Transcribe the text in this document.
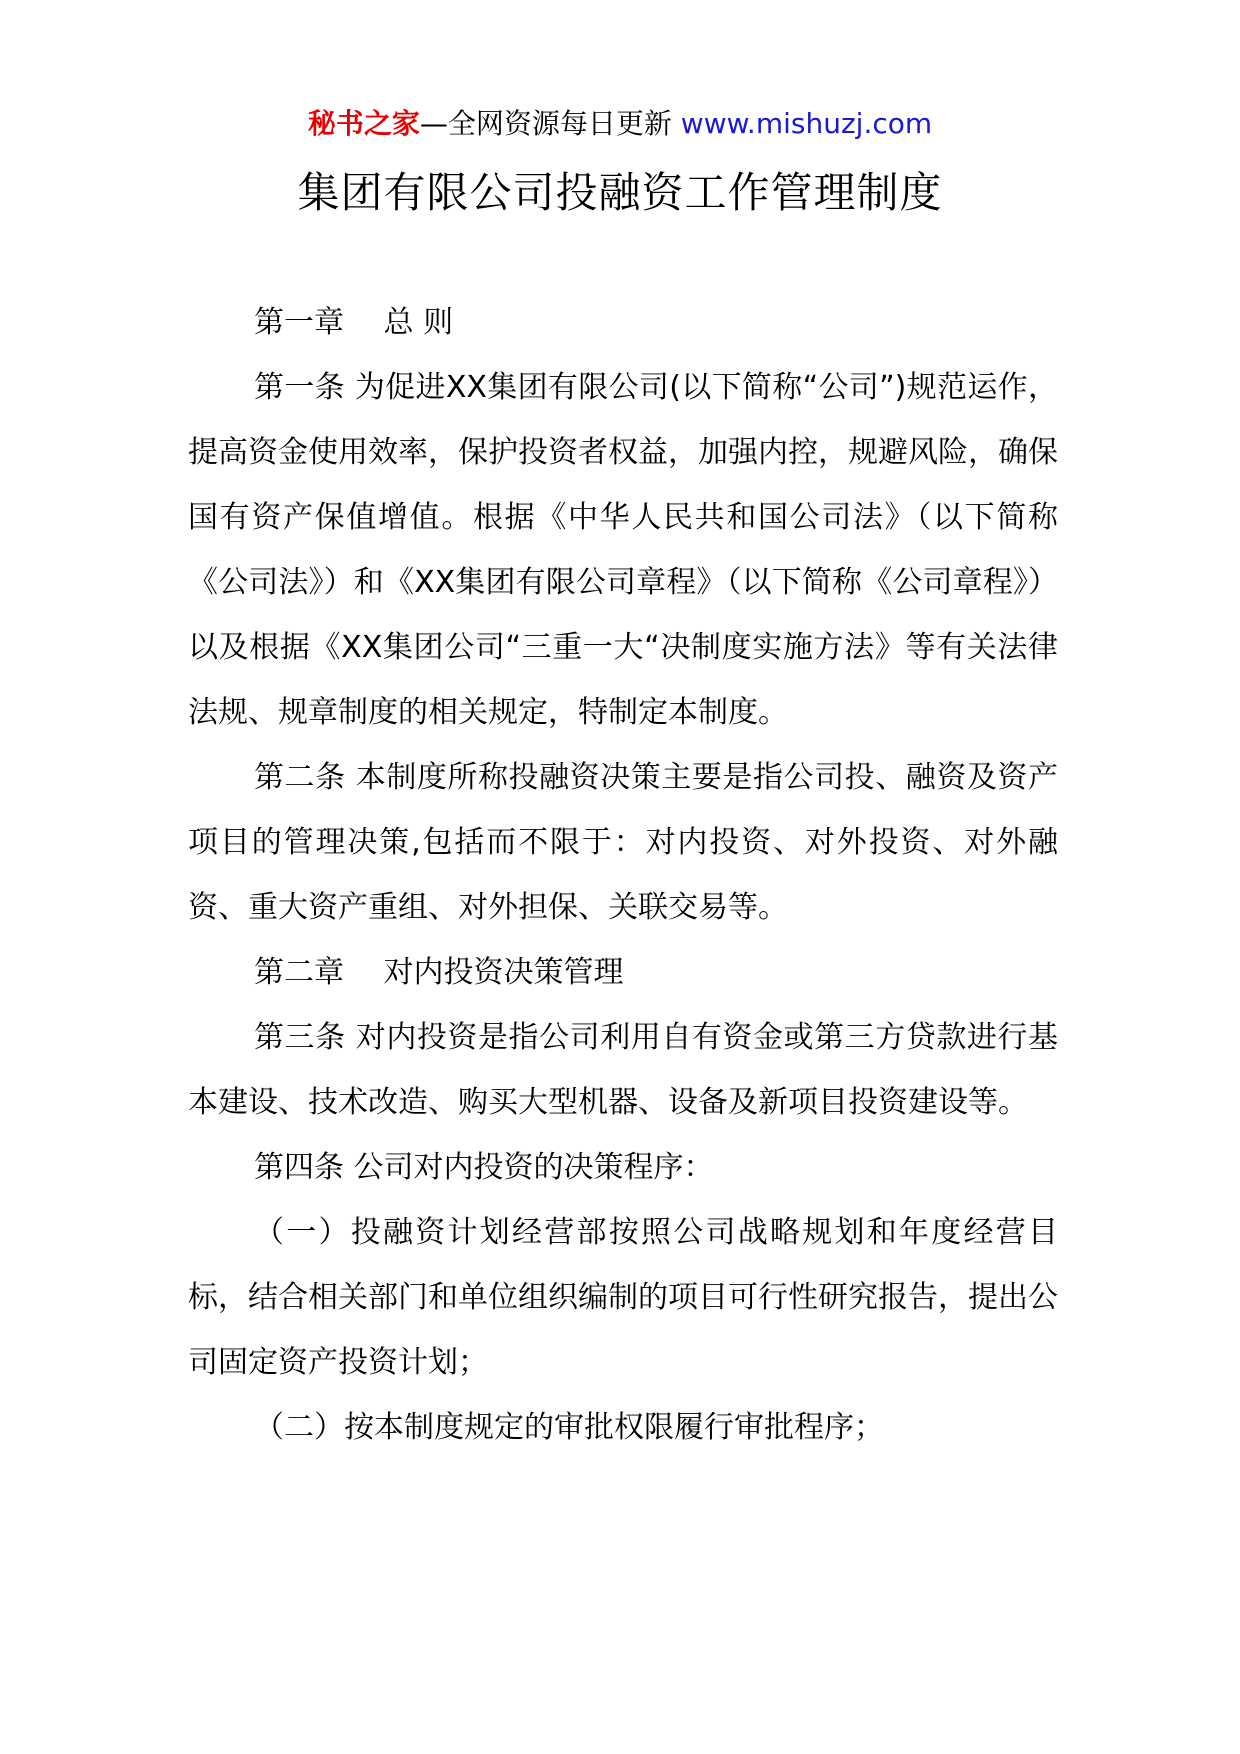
秘书之家—全网资源每日更新 www.mishuzj.com
集团有限公司投融资工作管理制度

第一章　 总 则

第一条 为促进XX集团有限公司(以下简称“公司”)规范运作，提高资金使用效率，保护投资者权益，加强内控，规避风险，确保国有资产保值增值。根据《中华人民共和国公司法》（以下简称《公司法》）和《XX集团有限公司章程》（以下简称《公司章程》）以及根据《XX集团公司“三重一大“决制度实施方法》等有关法律法规、规章制度的相关规定，特制定本制度。

第二条 本制度所称投融资决策主要是指公司投、融资及资产项目的管理决策,包括而不限于：对内投资、对外投资、对外融资、重大资产重组、对外担保、关联交易等。

第二章　 对内投资决策管理

第三条 对内投资是指公司利用自有资金或第三方贷款进行基本建设、技术改造、购买大型机器、设备及新项目投资建设等。

第四条 公司对内投资的决策程序：

（一）投融资计划经营部按照公司战略规划和年度经营目标，结合相关部门和单位组织编制的项目可行性研究报告，提出公司固定资产投资计划；

（二）按本制度规定的审批权限履行审批程序；
